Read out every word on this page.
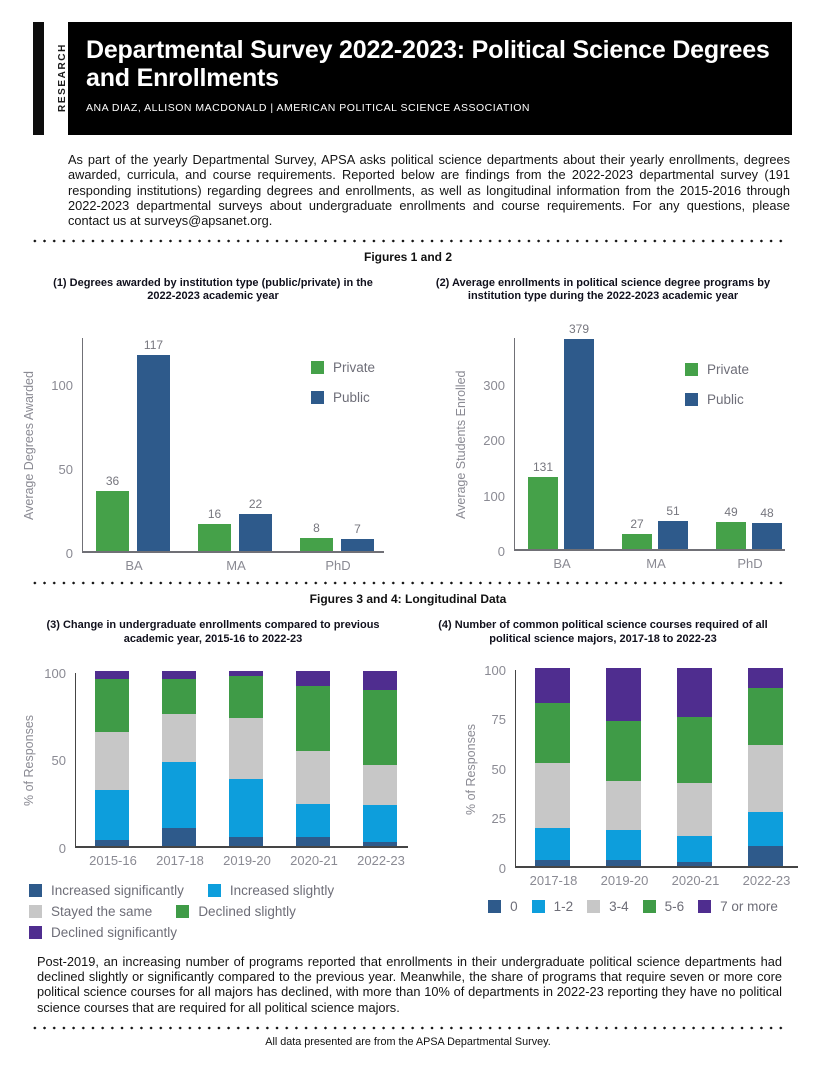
RESEARCH Departmental Survey 2022-2023: Political Science Degrees and Enrollments
ANA DIAZ, ALLISON MACDONALD | AMERICAN POLITICAL SCIENCE ASSOCIATION

As part of the yearly Departmental Survey, APSA asks political science departments about their yearly enrollments, degrees awarded, curricula, and course requirements. Reported below are findings from the 2022-2023 departmental survey (191 responding institutions) regarding degrees and enrollments, as well as longitudinal information from the 2015-2016 through 2022-2023 departmental surveys about undergraduate enrollments and course requirements. For any questions, please contact us at surveys@apsanet.org.

Figures 1 and 2
(1) Degrees awarded by institution type (public/private) in the 2022-2023 academic year
Average Degrees Awarded
0
50
100
Private
Public
36
117
16
22
8	7
BA	MA	PhD
(2) Average enrollments in political science degree programs by institution type during the 2022-2023 academic year
Average Students Enrolled
0
100
200
300
Private
Public
131
379
27
51	49 48
BA	MA	PhD
Figures 3 and 4: Longitudinal Data
(3) Change in undergraduate enrollments compared to previous academic year, 2015-16 to 2022-23
% of Responses
0
50
100
2015-16 2017-18 2019-20 2020-21 2022-23
Increased significantly	Increased slightly
Stayed the same	Declined slightly
Declined significantly
(4) Number of common political science courses required of all political science majors, 2017-18 to 2022-23
% of Responses
0
25
50
75
100
2017-18 2019-20 2020-21 2022-23
0	1-2	3-4	5-6	7 or more

Post-2019, an increasing number of programs reported that enrollments in their undergraduate political science departments had declined slightly or significantly compared to the previous year. Meanwhile, the share of programs that require seven or more core political science courses for all majors has declined, with more than 10% of departments in 2022-23 reporting they have no political science courses that are required for all political science majors.

All data presented are from the APSA Departmental Survey.
